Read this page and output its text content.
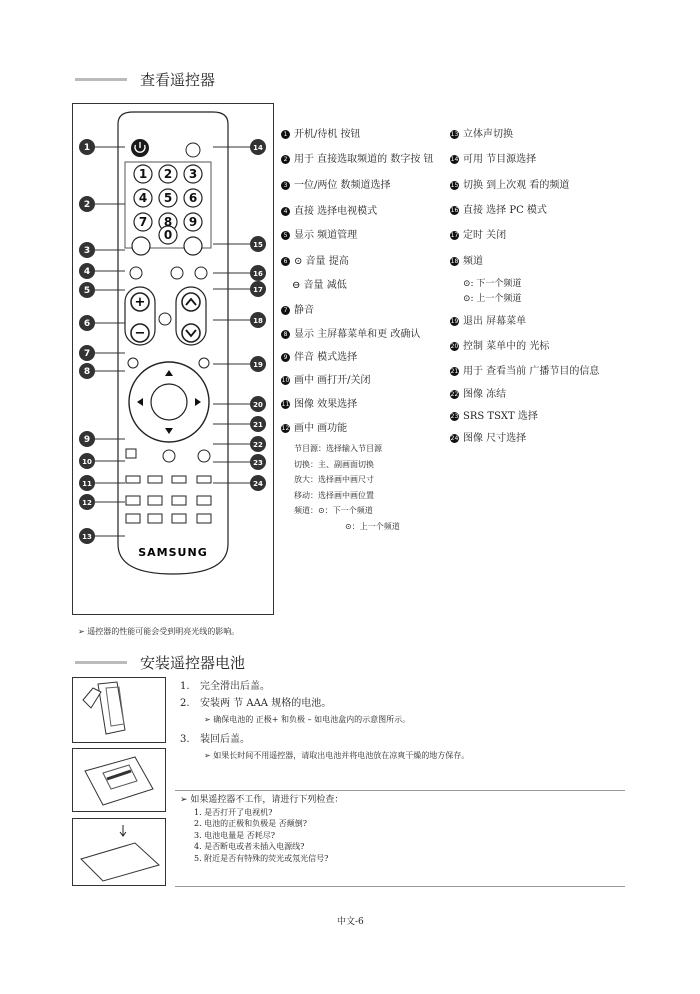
查看遥控器
1 2 3
4 5 6
7 8 9
0
+
−
SAMSUNG
1
2
3
4
5
6
7
8
9
10
11
12
13
14
15
16
17
18
19
20
21
22
23
24
1 开机/待机 按钮
2 用于 直接选取频道的 数字按 钮
3 一位/两位 数频道选择
4 直接 选择电视模式
5 显示 频道管理
6 ⊙ 音量 提高
⊖ 音量 减低
7 静音
8 显示 主屏幕菜单和更 改确认
9 伴音 模式选择
10 画中 画打开/关闭
11 图像 效果选择
12 画中 画功能
节目源：选择输入节目源
切换：主、副画面切换
放大：选择画中画尺寸
移动：选择画中画位置
频道：⊙：下一个频道
⊙：上一个频道
13 立体声切换
14 可用 节目源选择
15 切换 到上次观 看的频道
16 直接 选择 PC 模式
17 定时 关闭
18 频道
⊙: 下一个频道
⊙: 上一个频道
19 退出 屏幕菜单
20 控制 菜单中的 光标
21 用于 查看当前 广播节目的信息
22 图像 冻结
23 SRS TSXT 选择
24 图像 尺寸选择
➢ 遥控器的性能可能会受到明亮光线的影响。
安装遥控器电池
1. 完全滑出后盖。
2. 安装两 节 AAA 规格的电池。
➢ 确保电池的 正极+ 和负极 – 如电池盒内的示意图所示。
3. 装回后盖。
➢ 如果长时间不用遥控器，请取出电池并将电池放在凉爽干燥的地方保存。
➢ 如果遥控器不工作，请进行下列检查：
1. 是否打开了电视机?
2. 电池的正极和负极是 否颠倒?
3. 电池电量是 否耗尽?
4. 是否断电或者未插入电源线?
5. 附近是否有特殊的荧光或氖光信号?
中文-6
